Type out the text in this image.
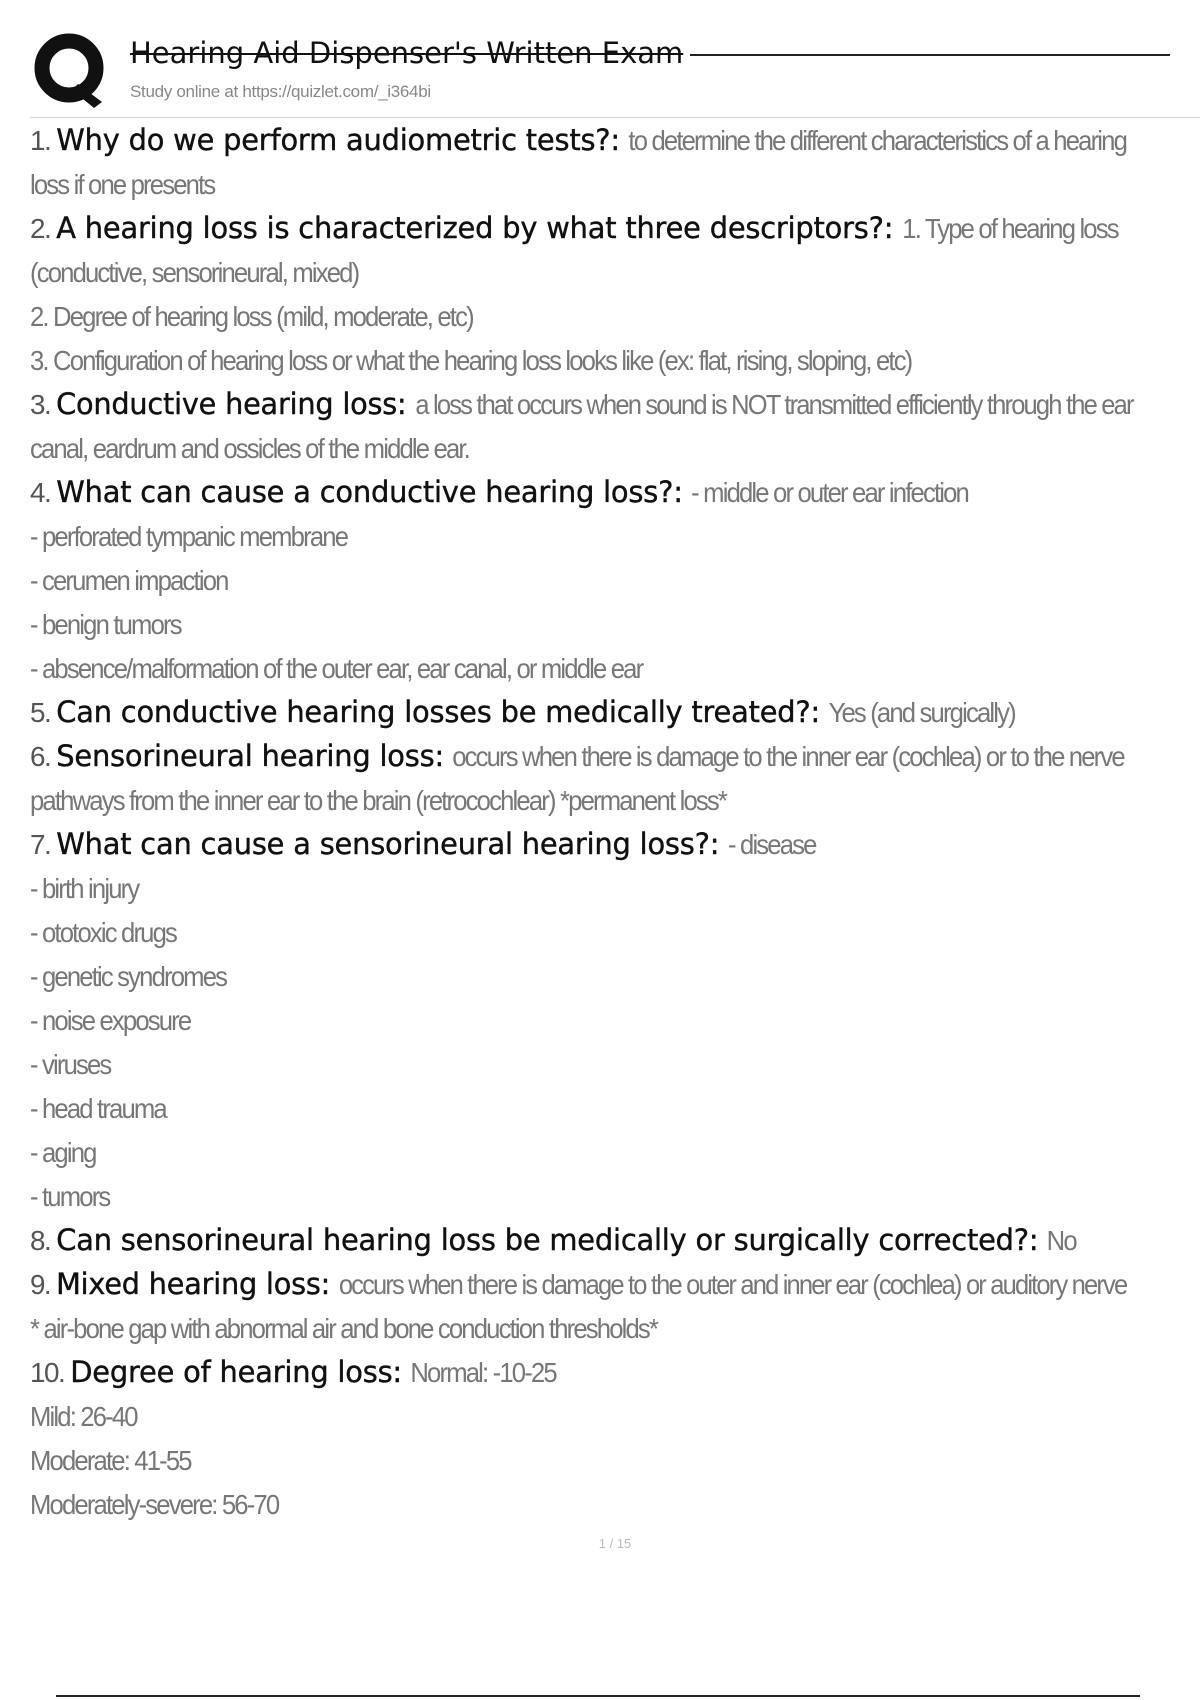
Hearing Aid Dispenser's Written Exam
Study online at https://quizlet.com/_i364bi
1. Why do we perform audiometric tests?: to determine the different characteristics of a hearing
loss if one presents
2. A hearing loss is characterized by what three descriptors?: 1. Type of hearing loss
(conductive, sensorineural, mixed)
2. Degree of hearing loss (mild, moderate, etc)
3. Configuration of hearing loss or what the hearing loss looks like (ex: flat, rising, sloping, etc)
3. Conductive hearing loss: a loss that occurs when sound is NOT transmitted efficiently through the ear
canal, eardrum and ossicles of the middle ear.
4. What can cause a conductive hearing loss?: - middle or outer ear infection
- perforated tympanic membrane
- cerumen impaction
- benign tumors
- absence/malformation of the outer ear, ear canal, or middle ear
5. Can conductive hearing losses be medically treated?: Yes (and surgically)
6. Sensorineural hearing loss: occurs when there is damage to the inner ear (cochlea) or to the nerve
pathways from the inner ear to the brain (retrocochlear) *permanent loss*
7. What can cause a sensorineural hearing loss?: - disease
- birth injury
- ototoxic drugs
- genetic syndromes
- noise exposure
- viruses
- head trauma
- aging
- tumors
8. Can sensorineural hearing loss be medically or surgically corrected?: No
9. Mixed hearing loss: occurs when there is damage to the outer and inner ear (cochlea) or auditory nerve
* air-bone gap with abnormal air and bone conduction thresholds*
10. Degree of hearing loss: Normal: -10-25
Mild: 26-40
Moderate: 41-55
Moderately-severe: 56-70
1 / 15
